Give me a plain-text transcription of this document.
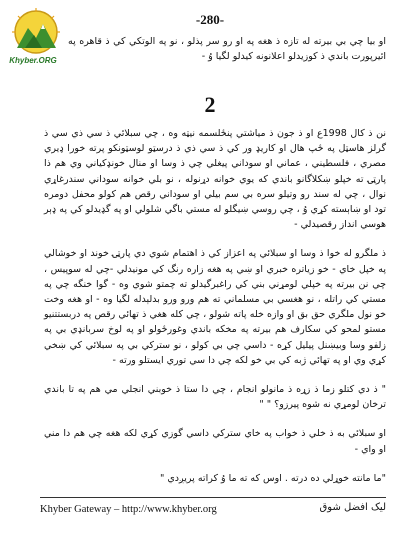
Khyber.ORG
-280-
او بيا چي بي بيرته له تازه ذ هغه په او رو سر پذلو ، نو په الوتكي كي ذ قاهره په ائيرپورت باندي ذ كوزيدلو اعلانونه كيدلو لگيا وُ -
2

نن ذ كال 1998ع او ذ جون ذ مياشتي پنځلسمه نيټه وه ، چي سبلائي ذ سي ذي سي ذ گرلز هاسټل په ځپ هال او كاريډ ور كي ذ سي ذي ذ درسټو لوسټونكو پرته خورا ډيري مصري ، فلسطيني ، عماني او سوداني پيغلي چي ذ وسا او منال خونډكياني وي هم ذا پارټۍ ته خپلو ښكلاگانو باندي كه يوي خوانه دړنوله ، نو بلي خوانه سوداني سندرغاړي نوال ، چي له سند رو وتيلو سره بي سم بيلي او سوداني رقص هم كولو محفل دومره تود او ښاېسته كړي وُ ، چي روسي ښيگلو له مستي باگي شلولي او په گډيدلو كي په ډېر هوسي انداز رقصيدلي -

ذ ملگرو له خوا ذ وسا او سبلائي په اعزاز كي ذ اهتمام شوي دي پارټۍ خوند او خوشالي په خپل خاي - خو زياتره خبري او ښي په هغه زاره رنگ كي مونيدلي -چي له سوپيس ، چي نن بيرته په خپلي لومړني بني كي راغبرگيدلو ته چمتو شوي وه - گوا خنگه چي په مستي كي راتله ، نو هغسي بي مسلماني ته هم ورو ورو بدلېدله لگيا وه - او هغه وخت خو نول ملگري حق بق او وازه خله پاته شولو ، چي كله هغي ذ تهائي رقص په دربستتنيو مستو لمحو كي سكارف هم بيرته په مخكه باندي وغورځولو او په لوخ سربانډي بي په زلفو وسا وبيښنل پيليل كړه - داسي چي بي كولو ، نو ستركي بي په سبلائي كي ښخي كړي وي او په تهائي ژبه كي بي خو لكه چي دا سي توري ايستلو ورته -

" ذ دي كتلو زما ذ زړه ذ مانولو انجام ، چي دا ستا ذ خوبني انجلي مي هم په تا باندي ترخان لومړي نه شوه پيرزو؟ " "

او سبلائي به ذ خلي ذ خواب په خاي ستركي داسي گوزي كړي لكه هغه چي هم دا مني او واي -

"ما مانته خوړلي ده درته . اوس كه ته ما وُ كراته پريږدي "

Khyber Gateway – http://www.khyber.org	ليک افضل شوق
